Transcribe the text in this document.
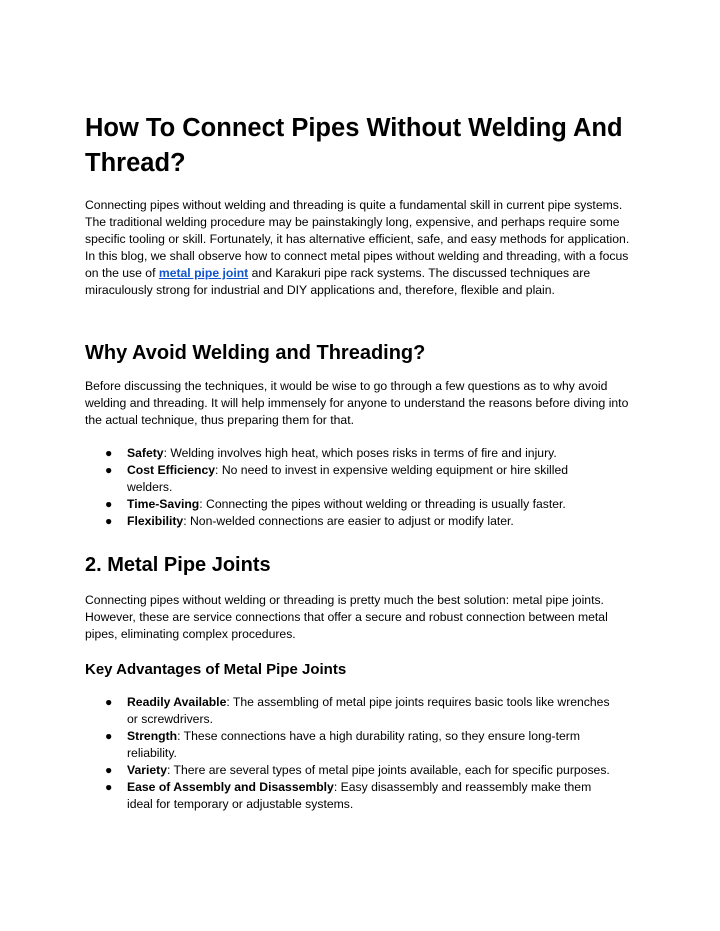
How To Connect Pipes Without Welding And Thread?

Connecting pipes without welding and threading is quite a fundamental skill in current pipe systems. The traditional welding procedure may be painstakingly long, expensive, and perhaps require some specific tooling or skill. Fortunately, it has alternative efficient, safe, and easy methods for application. In this blog, we shall observe how to connect metal pipes without welding and threading, with a focus on the use of metal pipe joint and Karakuri pipe rack systems. The discussed techniques are miraculously strong for industrial and DIY applications and, therefore, flexible and plain.

Why Avoid Welding and Threading?

Before discussing the techniques, it would be wise to go through a few questions as to why avoid welding and threading. It will help immensely for anyone to understand the reasons before diving into the actual technique, thus preparing them for that.

● Safety: Welding involves high heat, which poses risks in terms of fire and injury.
● Cost Efficiency: No need to invest in expensive welding equipment or hire skilled welders.
● Time-Saving: Connecting the pipes without welding or threading is usually faster.
● Flexibility: Non-welded connections are easier to adjust or modify later.
2. Metal Pipe Joints

Connecting pipes without welding or threading is pretty much the best solution: metal pipe joints. However, these are service connections that offer a secure and robust connection between metal pipes, eliminating complex procedures.

Key Advantages of Metal Pipe Joints
● Readily Available: The assembling of metal pipe joints requires basic tools like wrenches or screwdrivers.
● Strength: These connections have a high durability rating, so they ensure long-term reliability.
● Variety: There are several types of metal pipe joints available, each for specific purposes.
● Ease of Assembly and Disassembly: Easy disassembly and reassembly make them ideal for temporary or adjustable systems.
